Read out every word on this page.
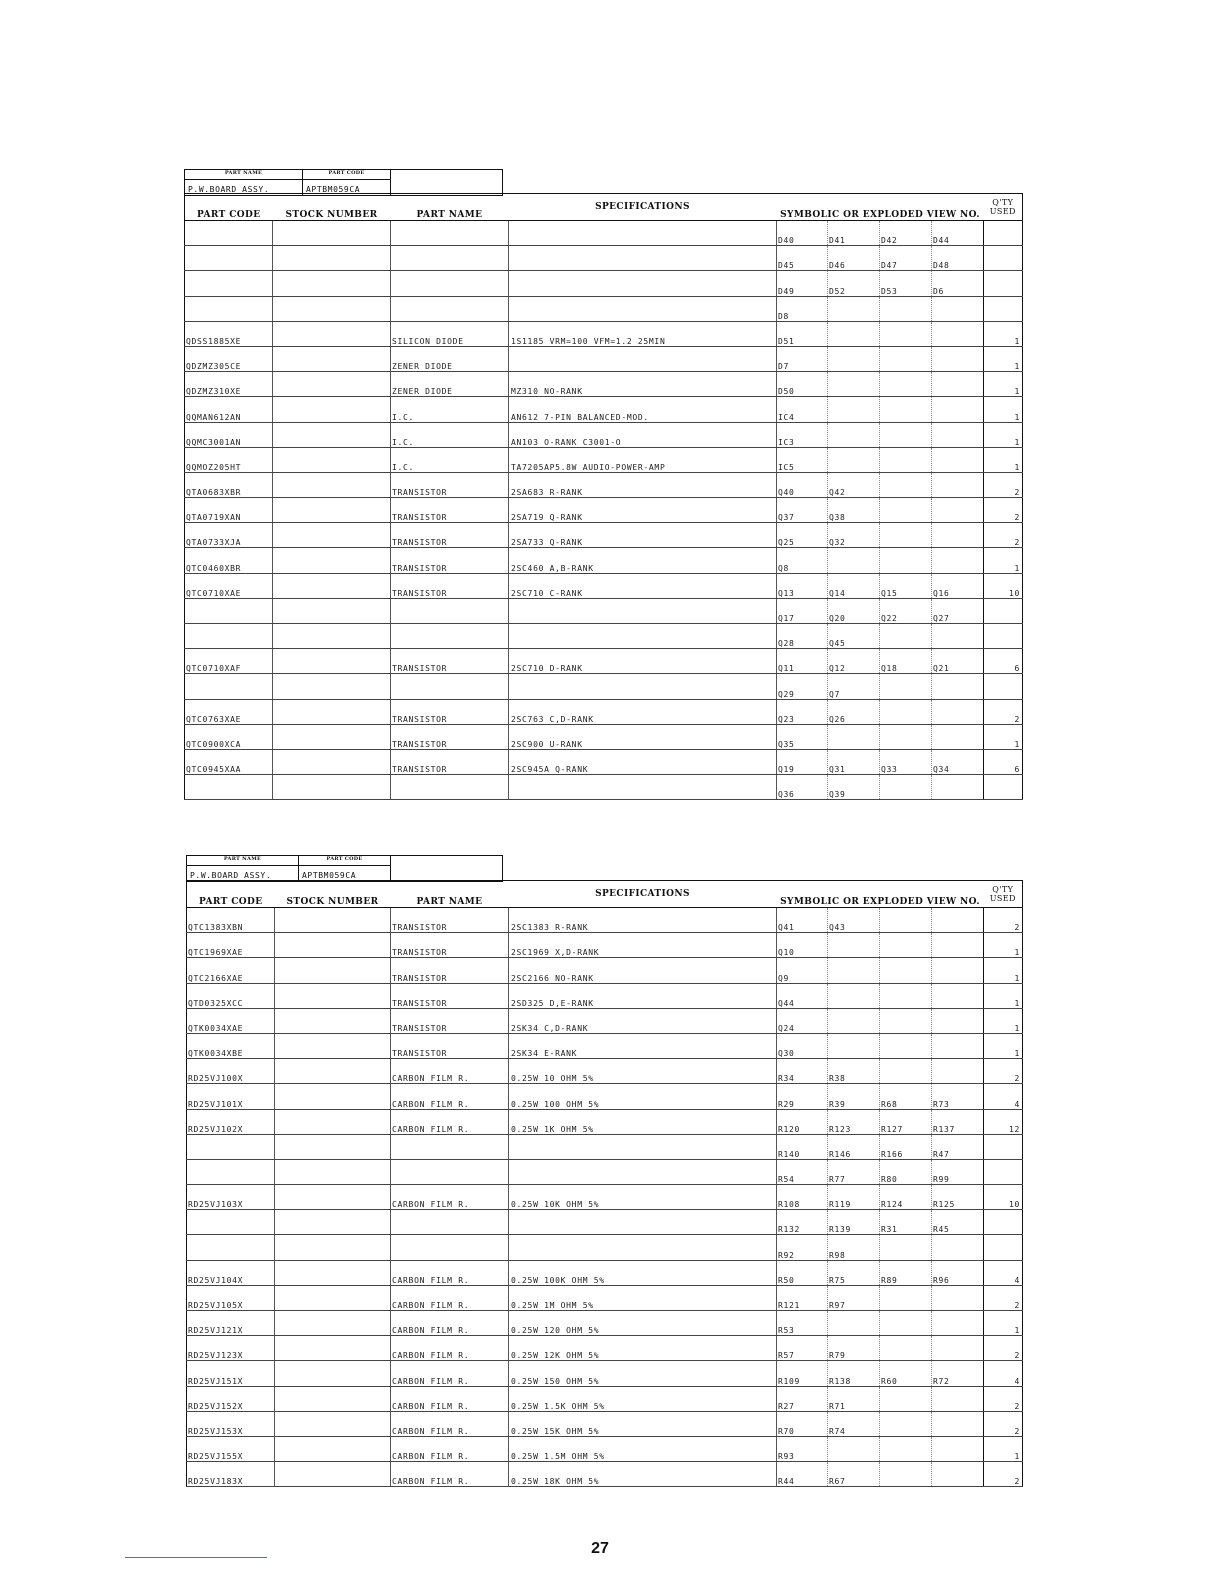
PART NAME
P.W.BOARD ASSY.
PART CODE
APTBM059CA
PART CODE	STOCK NUMBER	PART NAME	SPECIFICATIONS	SYMBOLIC OR EXPLODED VIEW NO.				Q'TY
USED
				D40	D41	D42	D44	
				D45	D46	D47	D48	
				D49	D52	D53	D6	
				D8				
QDSS1885XE		SILICON DIODE	1S1185 VRM=100 VFM=1.2 25MIN	D51				1
QDZMZ305CE		ZENER DIODE		D7				1
QDZMZ310XE		ZENER DIODE	MZ310 NO-RANK	D50				1
QQMAN612AN		I.C.	AN612 7-PIN BALANCED-MOD.	IC4				1
QQMC3001AN		I.C.	AN103 O-RANK C3001-O	IC3				1
QQMOZ205HT		I.C.	TA7205AP5.8W AUDIO-POWER-AMP	IC5				1
QTA0683XBR		TRANSISTOR	2SA683 R-RANK	Q40	Q42			2
QTA0719XAN		TRANSISTOR	2SA719 Q-RANK	Q37	Q38			2
QTA0733XJA		TRANSISTOR	2SA733 Q-RANK	Q25	Q32			2
QTC0460XBR		TRANSISTOR	2SC460 A,B-RANK	Q8				1
QTC0710XAE		TRANSISTOR	2SC710 C-RANK	Q13	Q14	Q15	Q16	10
				Q17	Q20	Q22	Q27	
				Q28	Q45			
QTC0710XAF		TRANSISTOR	2SC710 D-RANK	Q11	Q12	Q18	Q21	6
				Q29	Q7			
QTC0763XAE		TRANSISTOR	2SC763 C,D-RANK	Q23	Q26			2
QTC0900XCA		TRANSISTOR	2SC900 U-RANK	Q35				1
QTC0945XAA		TRANSISTOR	2SC945A Q-RANK	Q19	Q31	Q33	Q34	6
				Q36	Q39			
PART NAME
P.W.BOARD ASSY.
PART CODE
APTBM059CA
PART CODE	STOCK NUMBER	PART NAME	SPECIFICATIONS	SYMBOLIC OR EXPLODED VIEW NO.				Q'TY
USED
QTC1383XBN		TRANSISTOR	2SC1383 R-RANK	Q41	Q43			2
QTC1969XAE		TRANSISTOR	2SC1969 X,D-RANK	Q10				1
QTC2166XAE		TRANSISTOR	2SC2166 NO-RANK	Q9				1
QTD0325XCC		TRANSISTOR	2SD325 D,E-RANK	Q44				1
QTK0034XAE		TRANSISTOR	2SK34 C,D-RANK	Q24				1
QTK0034XBE		TRANSISTOR	2SK34 E-RANK	Q30				1
RD25VJ100X		CARBON FILM R.	0.25W 10 OHM 5%	R34	R38			2
RD25VJ101X		CARBON FILM R.	0.25W 100 OHM 5%	R29	R39	R68	R73	4
RD25VJ102X		CARBON FILM R.	0.25W 1K OHM 5%	R120	R123	R127	R137	12
				R140	R146	R166	R47	
				R54	R77	R80	R99	
RD25VJ103X		CARBON FILM R.	0.25W 10K OHM 5%	R108	R119	R124	R125	10
				R132	R139	R31	R45	
				R92	R98			
RD25VJ104X		CARBON FILM R.	0.25W 100K OHM 5%	R50	R75	R89	R96	4
RD25VJ105X		CARBON FILM R.	0.25W 1M OHM 5%	R121	R97			2
RD25VJ121X		CARBON FILM R.	0.25W 120 OHM 5%	R53				1
RD25VJ123X		CARBON FILM R.	0.25W 12K OHM 5%	R57	R79			2
RD25VJ151X		CARBON FILM R.	0.25W 150 OHM 5%	R109	R138	R60	R72	4
RD25VJ152X		CARBON FILM R.	0.25W 1.5K OHM 5%	R27	R71			2
RD25VJ153X		CARBON FILM R.	0.25W 15K OHM 5%	R70	R74			2
RD25VJ155X		CARBON FILM R.	0.25W 1.5M OHM 5%	R93				1
RD25VJ183X		CARBON FILM R.	0.25W 18K OHM 5%	R44	R67			2
27
